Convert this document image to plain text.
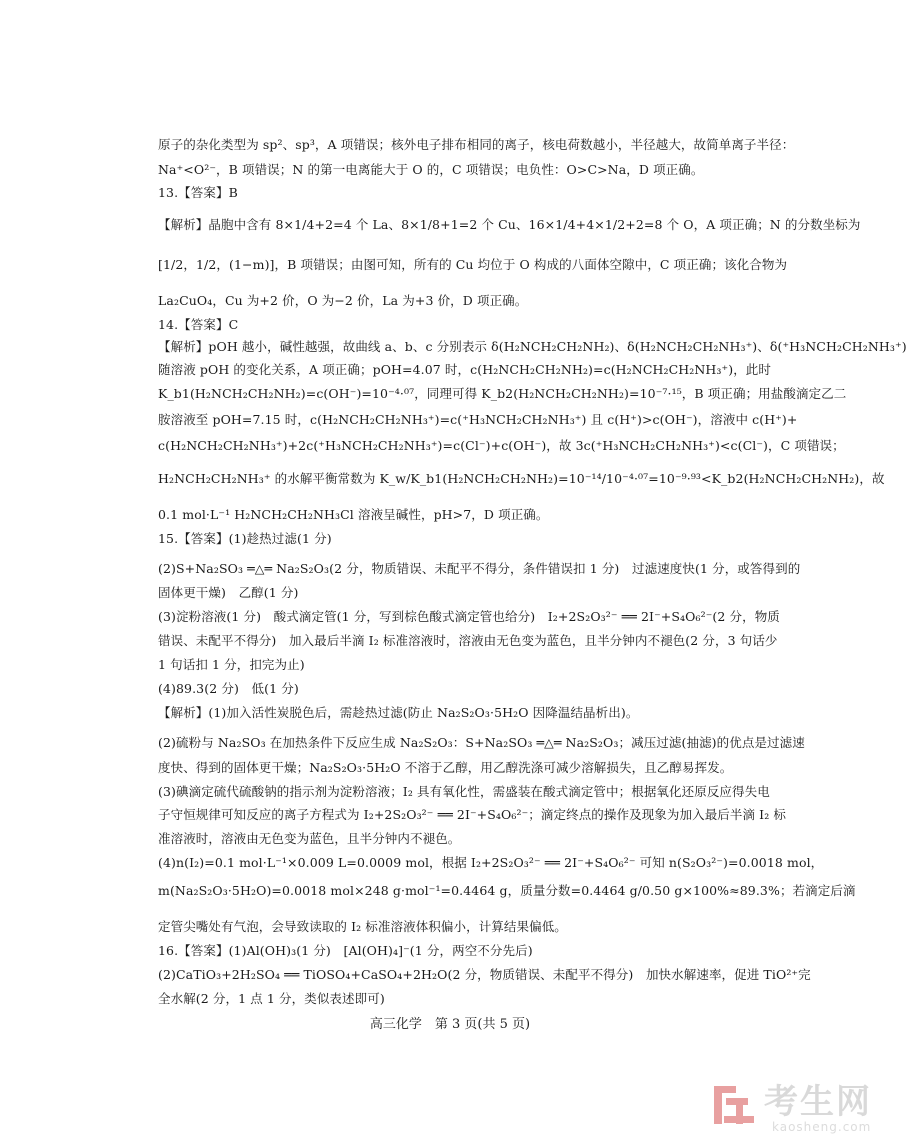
原子的杂化类型为 sp²、sp³，A 项错误；核外电子排布相同的离子，核电荷数越小，半径越大，故简单离子半径：
Na⁺<O²⁻，B 项错误；N 的第一电离能大于 O 的，C 项错误；电负性：O>C>Na，D 项正确。
13.【答案】B
【解析】晶胞中含有 8×1/4+2=4 个 La、8×1/8+1=2 个 Cu、16×1/4+4×1/2+2=8 个 O，A 项正确；N 的分数坐标为
[1/2，1/2，(1−m)]，B 项错误；由图可知，所有的 Cu 均位于 O 构成的八面体空隙中，C 项正确；该化合物为
La₂CuO₄，Cu 为+2 价，O 为−2 价，La 为+3 价，D 项正确。
14.【答案】C
【解析】pOH 越小，碱性越强，故曲线 a、b、c 分别表示 δ(H₂NCH₂CH₂NH₂)、δ(H₂NCH₂CH₂NH₃⁺)、δ(⁺H₃NCH₂CH₂NH₃⁺)
随溶液 pOH 的变化关系，A 项正确；pOH=4.07 时，c(H₂NCH₂CH₂NH₂)=c(H₂NCH₂CH₂NH₃⁺)，此时
K_b1(H₂NCH₂CH₂NH₂)=c(OH⁻)=10⁻⁴·⁰⁷，同理可得 K_b2(H₂NCH₂CH₂NH₂)=10⁻⁷·¹⁵，B 项正确；用盐酸滴定乙二
胺溶液至 pOH=7.15 时，c(H₂NCH₂CH₂NH₃⁺)=c(⁺H₃NCH₂CH₂NH₃⁺) 且 c(H⁺)>c(OH⁻)，溶液中 c(H⁺)+
c(H₂NCH₂CH₂NH₃⁺)+2c(⁺H₃NCH₂CH₂NH₃⁺)=c(Cl⁻)+c(OH⁻)，故 3c(⁺H₃NCH₂CH₂NH₃⁺)<c(Cl⁻)，C 项错误；
H₂NCH₂CH₂NH₃⁺ 的水解平衡常数为 K_w/K_b1(H₂NCH₂CH₂NH₂)=10⁻¹⁴/10⁻⁴·⁰⁷=10⁻⁹·⁹³<K_b2(H₂NCH₂CH₂NH₂)，故
0.1 mol·L⁻¹ H₂NCH₂CH₂NH₃Cl 溶液呈碱性，pH>7，D 项正确。
15.【答案】(1)趁热过滤(1 分)
(2)S+Na₂SO₃ ═△═ Na₂S₂O₃(2 分，物质错误、未配平不得分，条件错误扣 1 分)　过滤速度快(1 分，或答得到的
固体更干燥)　乙醇(1 分)
(3)淀粉溶液(1 分)　酸式滴定管(1 分，写到棕色酸式滴定管也给分)　I₂+2S₂O₃²⁻ ══ 2I⁻+S₄O₆²⁻(2 分，物质
错误、未配平不得分)　加入最后半滴 I₂ 标准溶液时，溶液由无色变为蓝色，且半分钟内不褪色(2 分，3 句话少
1 句话扣 1 分，扣完为止)
(4)89.3(2 分)　低(1 分)
【解析】(1)加入活性炭脱色后，需趁热过滤(防止 Na₂S₂O₃·5H₂O 因降温结晶析出)。
(2)硫粉与 Na₂SO₃ 在加热条件下反应生成 Na₂S₂O₃：S+Na₂SO₃ ═△═ Na₂S₂O₃；减压过滤(抽滤)的优点是过滤速
度快、得到的固体更干燥；Na₂S₂O₃·5H₂O 不溶于乙醇，用乙醇洗涤可减少溶解损失，且乙醇易挥发。
(3)碘滴定硫代硫酸钠的指示剂为淀粉溶液；I₂ 具有氧化性，需盛装在酸式滴定管中；根据氧化还原反应得失电
子守恒规律可知反应的离子方程式为 I₂+2S₂O₃²⁻ ══ 2I⁻+S₄O₆²⁻；滴定终点的操作及现象为加入最后半滴 I₂ 标
准溶液时，溶液由无色变为蓝色，且半分钟内不褪色。
(4)n(I₂)=0.1 mol·L⁻¹×0.009 L=0.0009 mol，根据 I₂+2S₂O₃²⁻ ══ 2I⁻+S₄O₆²⁻ 可知 n(S₂O₃²⁻)=0.0018 mol，
m(Na₂S₂O₃·5H₂O)=0.0018 mol×248 g·mol⁻¹=0.4464 g，质量分数=0.4464 g/0.50 g×100%≈89.3%；若滴定后滴
定管尖嘴处有气泡，会导致读取的 I₂ 标准溶液体积偏小，计算结果偏低。
16.【答案】(1)Al(OH)₃(1 分)　[Al(OH)₄]⁻(1 分，两空不分先后)
(2)CaTiO₃+2H₂SO₄ ══ TiOSO₄+CaSO₄+2H₂O(2 分，物质错误、未配平不得分)　加快水解速率，促进 TiO²⁺完
全水解(2 分，1 点 1 分，类似表述即可)
高三化学　第 3 页(共 5 页)
考生网
kaosheng.com
